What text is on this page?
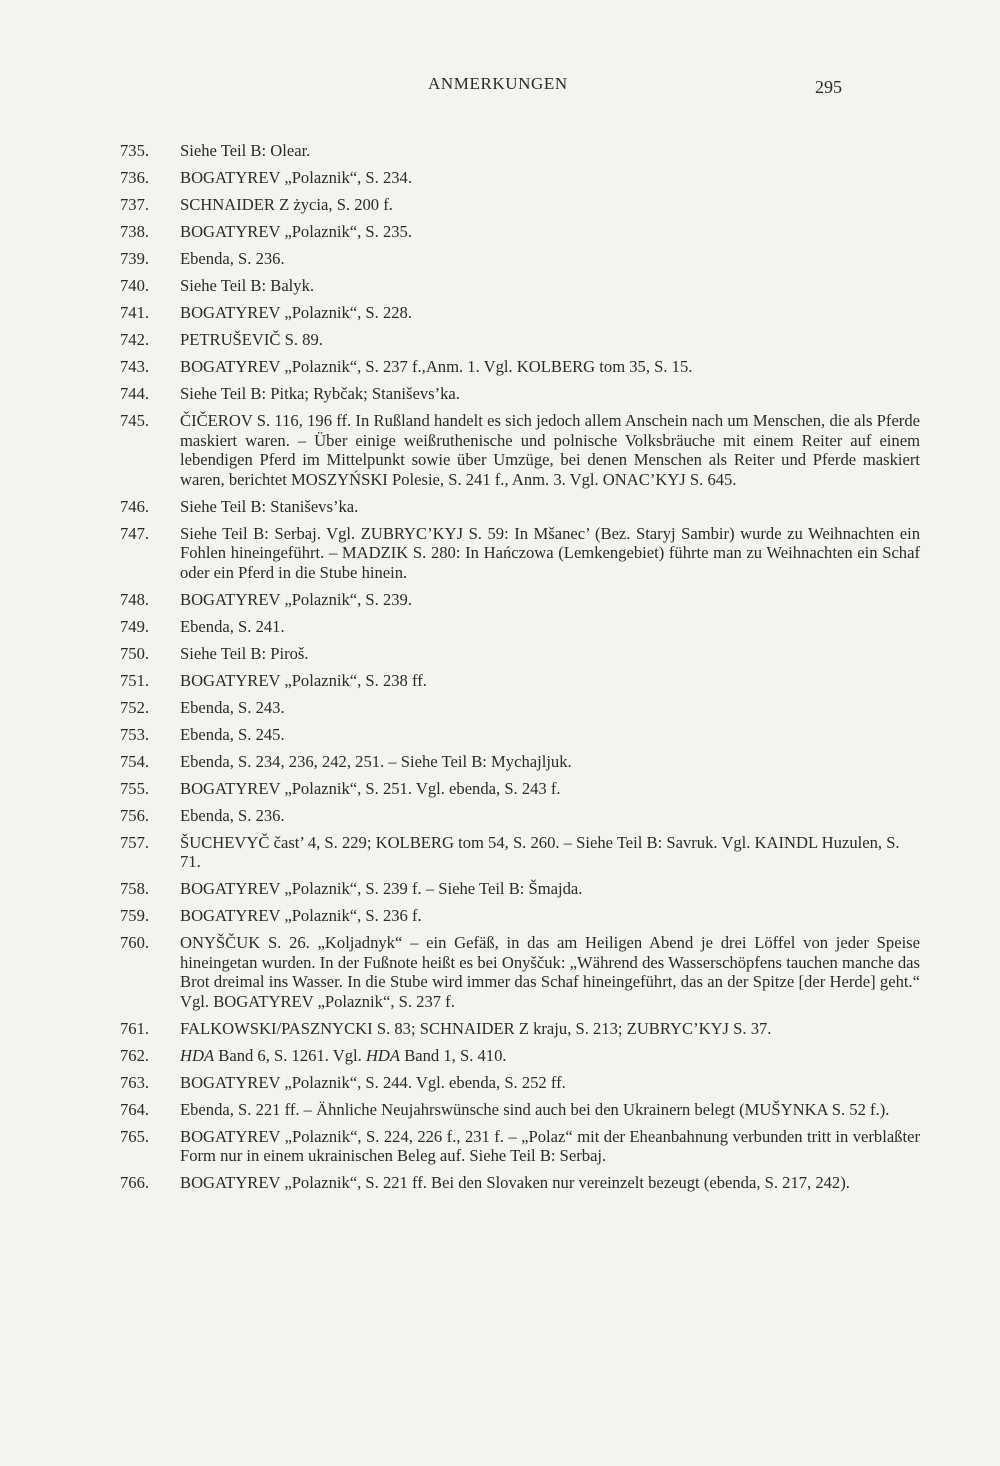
ANMERKUNGEN	295
735.	Siehe Teil B: Olear.
736.	BOGATYREV „Polaznik“, S. 234.
737.	SCHNAIDER Z życia, S. 200 f.
738.	BOGATYREV „Polaznik“, S. 235.
739.	Ebenda, S. 236.
740.	Siehe Teil B: Balyk.
741.	BOGATYREV „Polaznik“, S. 228.
742.	PETRUŠEVIČ S. 89.
743.	BOGATYREV „Polaznik“, S. 237 f.,Anm. 1. Vgl. KOLBERG tom 35, S. 15.
744.	Siehe Teil B: Pitka; Rybčak; Staniševs’ka.
745.	ČIČEROV S. 116, 196 ff. In Rußland handelt es sich jedoch allem Anschein nach um Menschen, die als Pferde maskiert waren. – Über einige weißruthenische und polnische Volksbräuche mit einem Reiter auf einem lebendigen Pferd im Mittelpunkt sowie über Umzüge, bei denen Menschen als Reiter und Pferde maskiert waren, berichtet MOSZYŃSKI Polesie, S. 241 f., Anm. 3. Vgl. ONAC’KYJ S. 645.
746.	Siehe Teil B: Staniševs’ka.
747.	Siehe Teil B: Serbaj. Vgl. ZUBRYC’KYJ S. 59: In Mšanec’ (Bez. Staryj Sambir) wurde zu Weihnachten ein Fohlen hineingeführt. – MADZIK S. 280: In Hańczowa (Lemkengebiet) führte man zu Weihnachten ein Schaf oder ein Pferd in die Stube hinein.
748.	BOGATYREV „Polaznik“, S. 239.
749.	Ebenda, S. 241.
750.	Siehe Teil B: Piroš.
751.	BOGATYREV „Polaznik“, S. 238 ff.
752.	Ebenda, S. 243.
753.	Ebenda, S. 245.
754.	Ebenda, S. 234, 236, 242, 251. – Siehe Teil B: Mychajljuk.
755.	BOGATYREV „Polaznik“, S. 251. Vgl. ebenda, S. 243 f.
756.	Ebenda, S. 236.
757.	ŠUCHEVYČ čast’ 4, S. 229; KOLBERG tom 54, S. 260. – Siehe Teil B: Savruk. Vgl. KAINDL Huzulen, S. 71.
758.	BOGATYREV „Polaznik“, S. 239 f. – Siehe Teil B: Šmajda.
759.	BOGATYREV „Polaznik“, S. 236 f.
760.	ONYŠČUK S. 26. „Koljadnyk“ – ein Gefäß, in das am Heiligen Abend je drei Löffel von jeder Speise hineingetan wurden. In der Fußnote heißt es bei Onyščuk: „Während des Wasserschöpfens tauchen manche das Brot dreimal ins Wasser. In die Stube wird immer das Schaf hineingeführt, das an der Spitze [der Herde] geht.“ Vgl. BOGATYREV „Polaznik“, S. 237 f.
761.	FALKOWSKI/PASZNYCKI S. 83; SCHNAIDER Z kraju, S. 213; ZUBRYC’KYJ S. 37.
762.	HDA Band 6, S. 1261. Vgl. HDA Band 1, S. 410.
763.	BOGATYREV „Polaznik“, S. 244. Vgl. ebenda, S. 252 ff.
764.	Ebenda, S. 221 ff. – Ähnliche Neujahrswünsche sind auch bei den Ukrainern belegt (MUŠYNKA S. 52 f.).
765.	BOGATYREV „Polaznik“, S. 224, 226 f., 231 f. – „Polaz“ mit der Eheanbahnung verbunden tritt in verblaßter Form nur in einem ukrainischen Beleg auf. Siehe Teil B: Serbaj.
766.	BOGATYREV „Polaznik“, S. 221 ff. Bei den Slovaken nur vereinzelt bezeugt (ebenda, S. 217, 242).
